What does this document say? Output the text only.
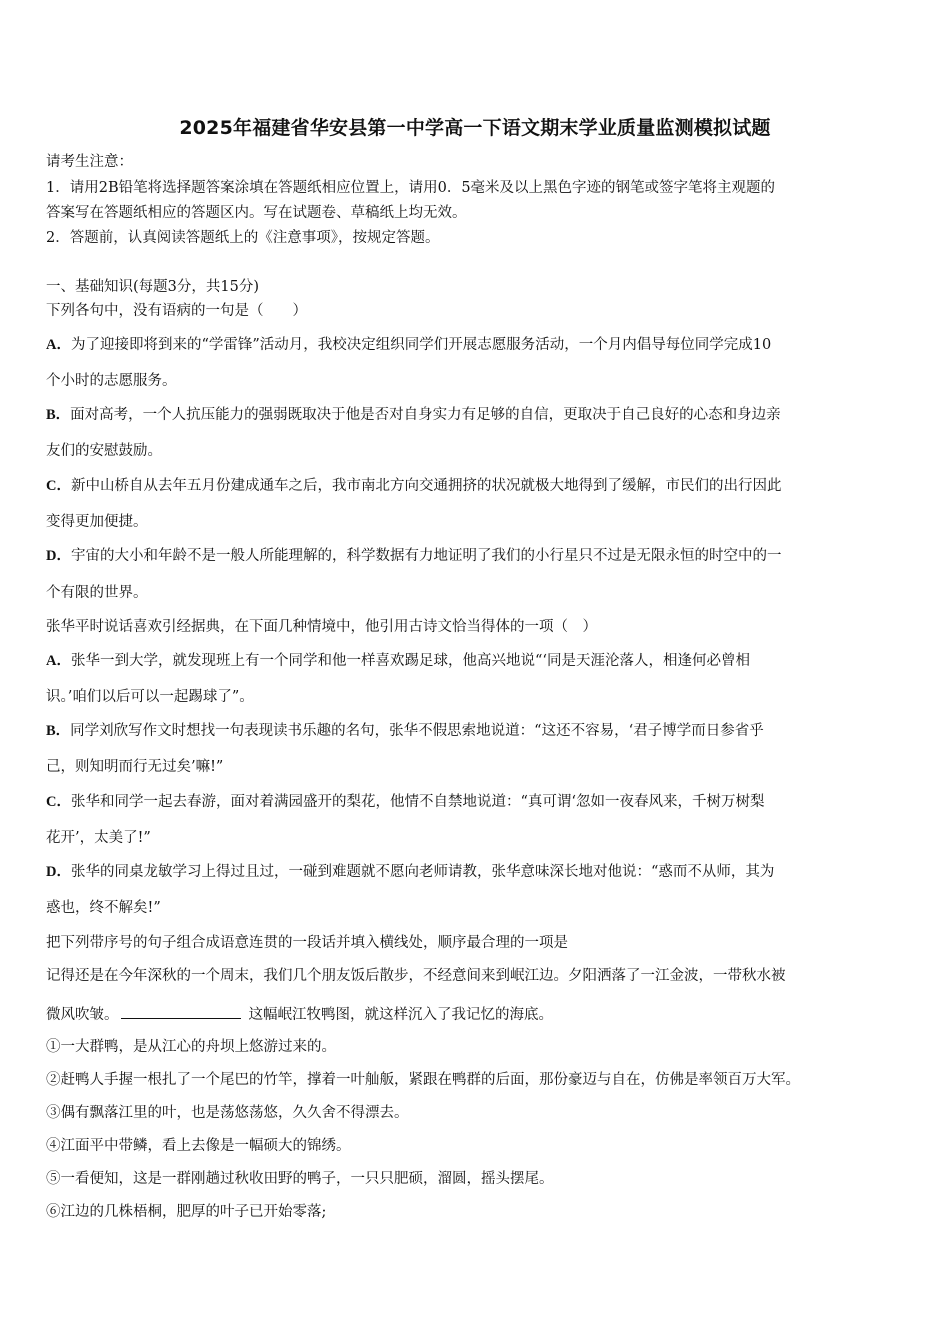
2025年福建省华安县第一中学高一下语文期末学业质量监测模拟试题
请考生注意：
1．请用2B铅笔将选择题答案涂填在答题纸相应位置上，请用0．5毫米及以上黑色字迹的钢笔或签字笔将主观题的
答案写在答题纸相应的答题区内。写在试题卷、草稿纸上均无效。
2．答题前，认真阅读答题纸上的《注意事项》，按规定答题。
一、基础知识(每题3分，共15分)
下列各句中，没有语病的一句是（　　）
A．为了迎接即将到来的“学雷锋”活动月，我校决定组织同学们开展志愿服务活动，一个月内倡导每位同学完成10
个小时的志愿服务。
B．面对高考，一个人抗压能力的强弱既取决于他是否对自身实力有足够的自信，更取决于自己良好的心态和身边亲
友们的安慰鼓励。
C．新中山桥自从去年五月份建成通车之后，我市南北方向交通拥挤的状况就极大地得到了缓解，市民们的出行因此
变得更加便捷。
D．宇宙的大小和年龄不是一般人所能理解的，科学数据有力地证明了我们的小行星只不过是无限永恒的时空中的一
个有限的世界。
张华平时说话喜欢引经据典，在下面几种情境中，他引用古诗文恰当得体的一项（　）
A．张华一到大学，就发现班上有一个同学和他一样喜欢踢足球，他高兴地说“‘同是天涯沦落人，相逢何必曾相
识。’咱们以后可以一起踢球了”。
B．同学刘欣写作文时想找一句表现读书乐趣的名句，张华不假思索地说道：“这还不容易，‘君子博学而日参省乎
己，则知明而行无过矣’嘛!”
C．张华和同学一起去春游，面对着满园盛开的梨花，他情不自禁地说道：“真可谓‘忽如一夜春风来，千树万树梨
花开’，太美了!”
D．张华的同桌龙敏学习上得过且过，一碰到难题就不愿向老师请教，张华意味深长地对他说：“惑而不从师，其为
惑也，终不解矣!”
把下列带序号的句子组合成语意连贯的一段话并填入横线处，顺序最合理的一项是
记得还是在今年深秋的一个周末，我们几个朋友饭后散步，不经意间来到岷江边。夕阳洒落了一江金波，一带秋水被
微风吹皱。	这幅岷江牧鸭图，就这样沉入了我记忆的海底。
①一大群鸭，是从江心的舟坝上悠游过来的。
②赶鸭人手握一根扎了一个尾巴的竹竿，撑着一叶舢舨，紧跟在鸭群的后面，那份豪迈与自在，仿佛是率领百万大军。
③偶有飘落江里的叶，也是荡悠荡悠，久久舍不得漂去。
④江面平中带鳞，看上去像是一幅硕大的锦绣。
⑤一看便知，这是一群刚趟过秋收田野的鸭子，一只只肥硕，溜圆，摇头摆尾。
⑥江边的几株梧桐，肥厚的叶子已开始零落;
